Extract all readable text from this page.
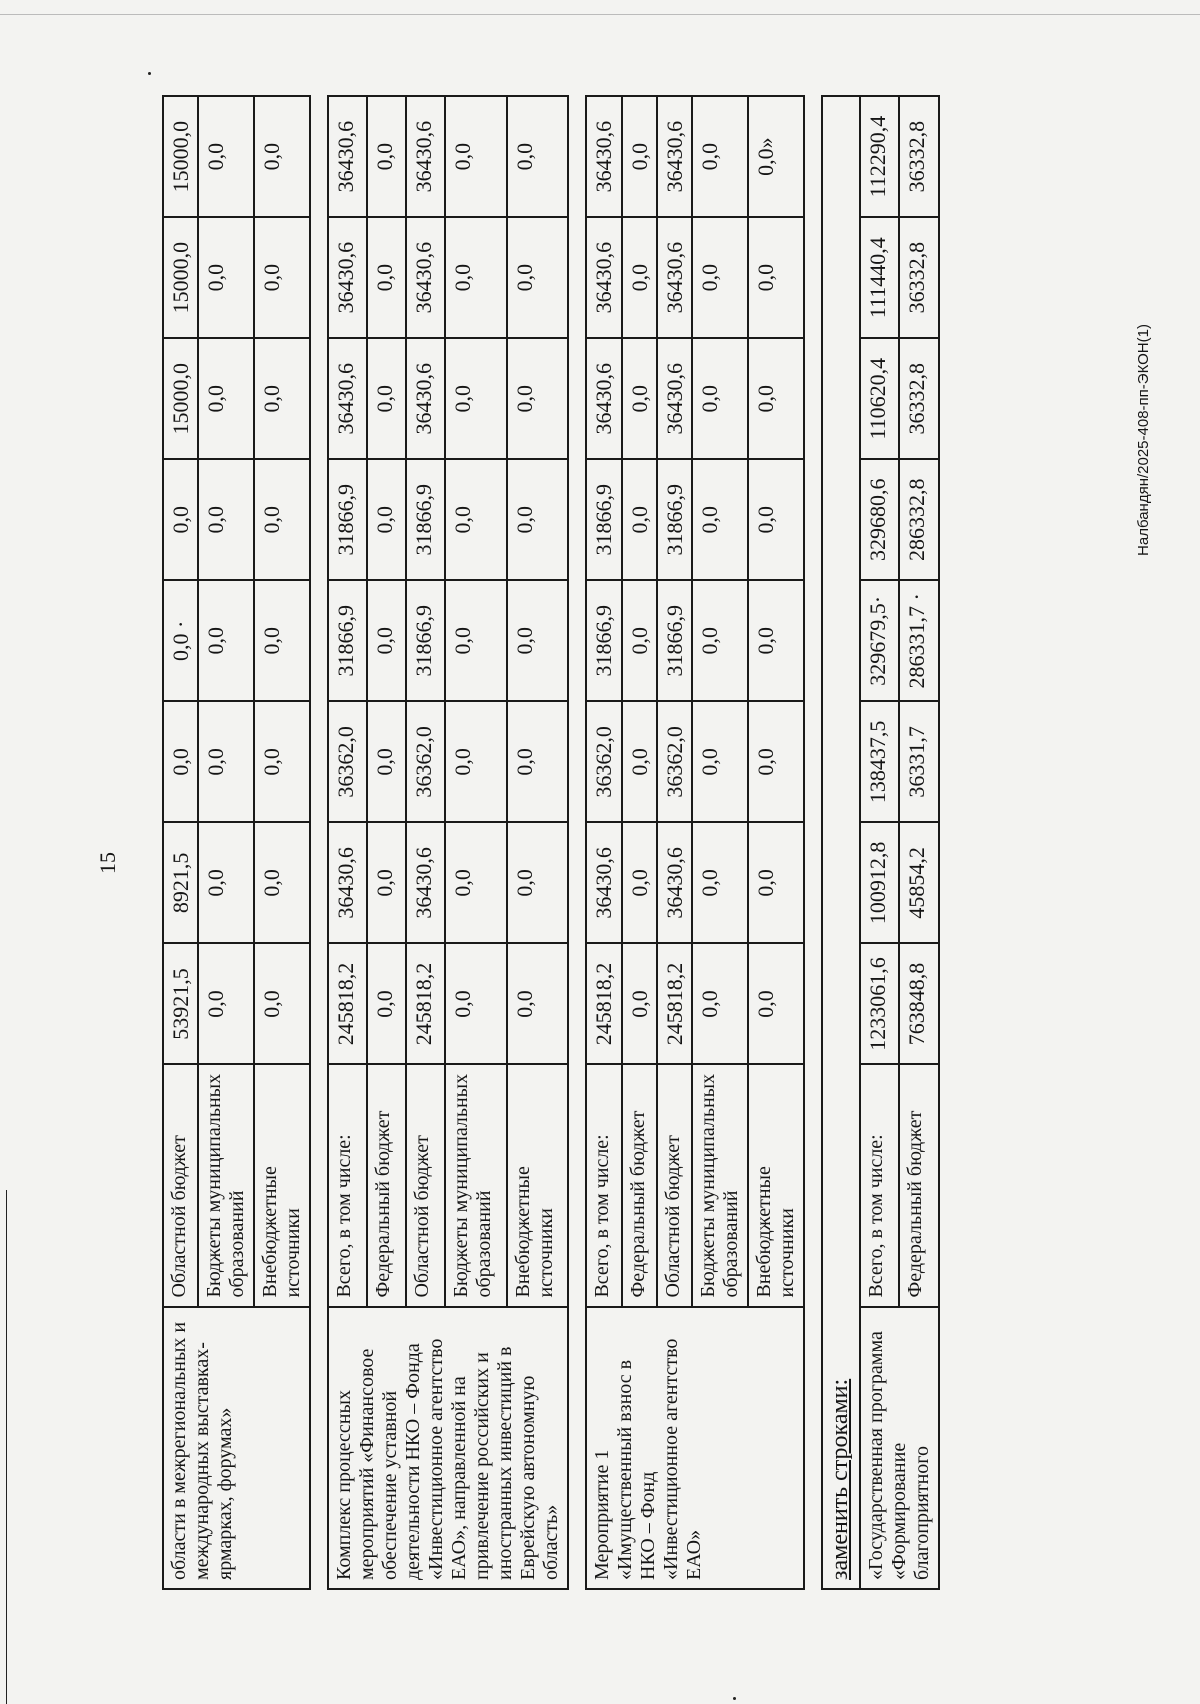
15
Налбандян/2025-408-пп-ЭКОН(1)
области в межрегиональных и международных выставках-ярмарках, форумах»	Областной бюджет	53921,5	8921,5	0,0	0,0 ·	0,0	15000,0	15000,0	15000,0
	Бюджеты муниципальных образований	0,0	0,0	0,0	0,0	0,0	0,0	0,0	0,0
	Внебюджетные источники	0,0	0,0	0,0	0,0	0,0	0,0	0,0	0,0

Комплекс процессных мероприятий «Финансовое обеспечение уставной деятельности НКО – Фонда «Инвестиционное агентство ЕАО», направленной на привлечение российских и иностранных инвестиций в Еврейскую автономную область»	Всего, в том числе:	245818,2	36430,6	36362,0	31866,9	31866,9	36430,6	36430,6	36430,6
	Федеральный бюджет	0,0	0,0	0,0	0,0	0,0	0,0	0,0	0,0
	Областной бюджет	245818,2	36430,6	36362,0	31866,9	31866,9	36430,6	36430,6	36430,6
	Бюджеты муниципальных образований	0,0	0,0	0,0	0,0	0,0	0,0	0,0	0,0
	Внебюджетные источники	0,0	0,0	0,0	0,0	0,0	0,0	0,0	0,0

Мероприятие 1 «Имущественный взнос в НКО – Фонд «Инвестиционное агентство ЕАО»	Всего, в том числе:	245818,2	36430,6	36362,0	31866,9	31866,9	36430,6	36430,6	36430,6
	Федеральный бюджет	0,0	0,0	0,0	0,0	0,0	0,0	0,0	0,0
	Областной бюджет	245818,2	36430,6	36362,0	31866,9	31866,9	36430,6	36430,6	36430,6
	Бюджеты муниципальных образований	0,0	0,0	0,0	0,0	0,0	0,0	0,0	0,0
	Внебюджетные источники	0,0	0,0	0,0	0,0	0,0	0,0	0,0	0,0»

заменить строками:									
«Государственная программа «Формирование благоприятного	Всего, в том числе:	1233061,6	100912,8	138437,5	329679,5·	329680,6	110620,4	111440,4	112290,4
	Федеральный бюджет	763848,8	45854,2	36331,7	286331,7 ·	286332,8	36332,8	36332,8	36332,8
